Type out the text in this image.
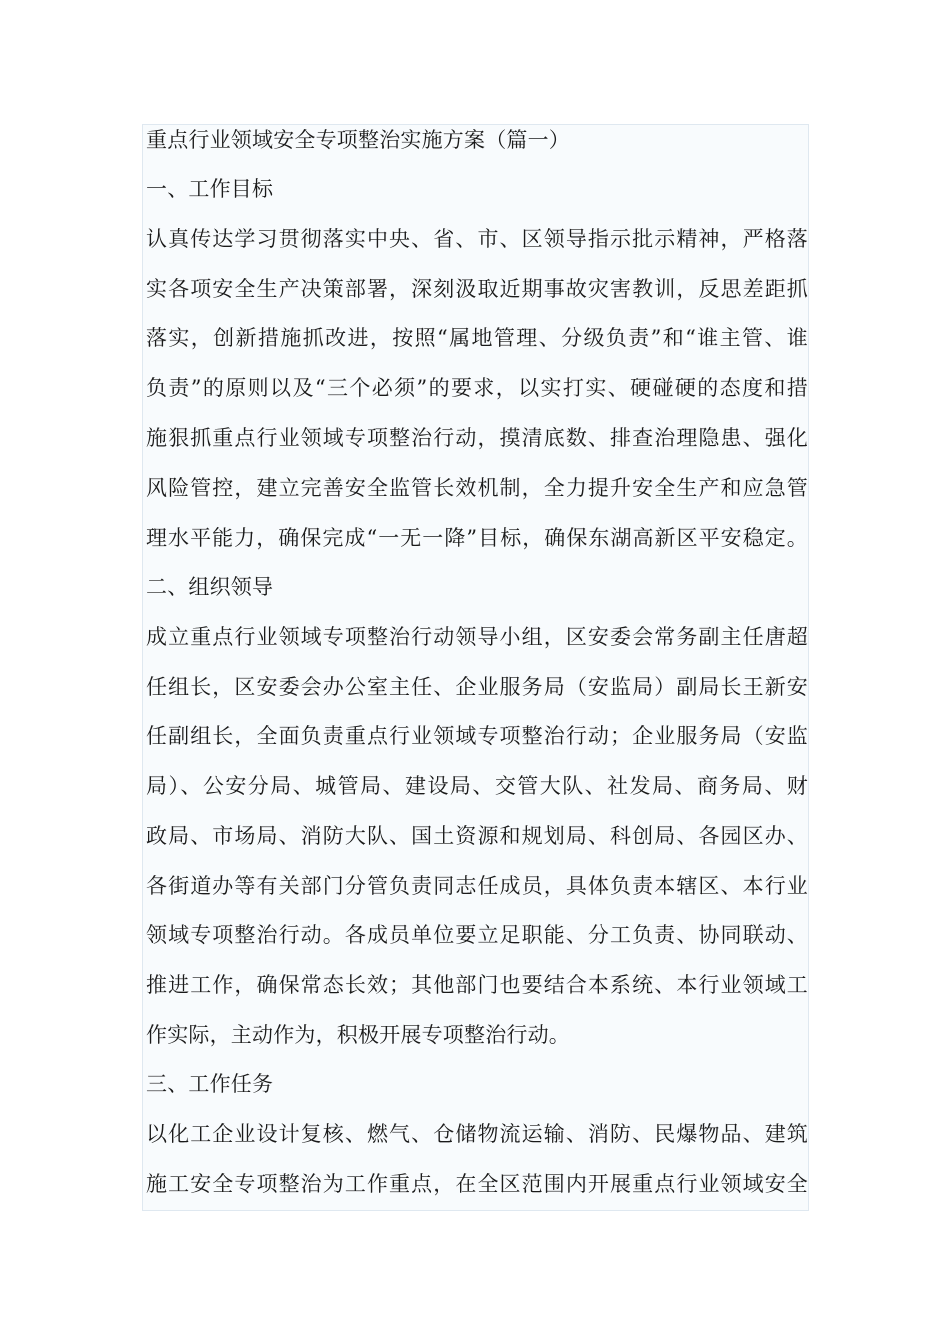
重点行业领域安全专项整治实施方案（篇一）
一、工作目标
认真传达学习贯彻落实中央、省、市、区领导指示批示精神，严格落
实各项安全生产决策部署，深刻汲取近期事故灾害教训，反思差距抓
落实，创新措施抓改进，按照“属地管理、分级负责”和“谁主管、谁
负责”的原则以及“三个必须”的要求，以实打实、硬碰硬的态度和措
施狠抓重点行业领域专项整治行动，摸清底数、排查治理隐患、强化
风险管控，建立完善安全监管长效机制，全力提升安全生产和应急管
理水平能力，确保完成“一无一降”目标，确保东湖高新区平安稳定。
二、组织领导
成立重点行业领域专项整治行动领导小组，区安委会常务副主任唐超
任组长，区安委会办公室主任、企业服务局（安监局）副局长王新安
任副组长，全面负责重点行业领域专项整治行动；企业服务局（安监
局）、公安分局、城管局、建设局、交管大队、社发局、商务局、财
政局、市场局、消防大队、国土资源和规划局、科创局、各园区办、
各街道办等有关部门分管负责同志任成员，具体负责本辖区、本行业
领域专项整治行动。各成员单位要立足职能、分工负责、协同联动、
推进工作，确保常态长效；其他部门也要结合本系统、本行业领域工
作实际，主动作为，积极开展专项整治行动。
三、工作任务
以化工企业设计复核、燃气、仓储物流运输、消防、民爆物品、建筑
施工安全专项整治为工作重点，在全区范围内开展重点行业领域安全
